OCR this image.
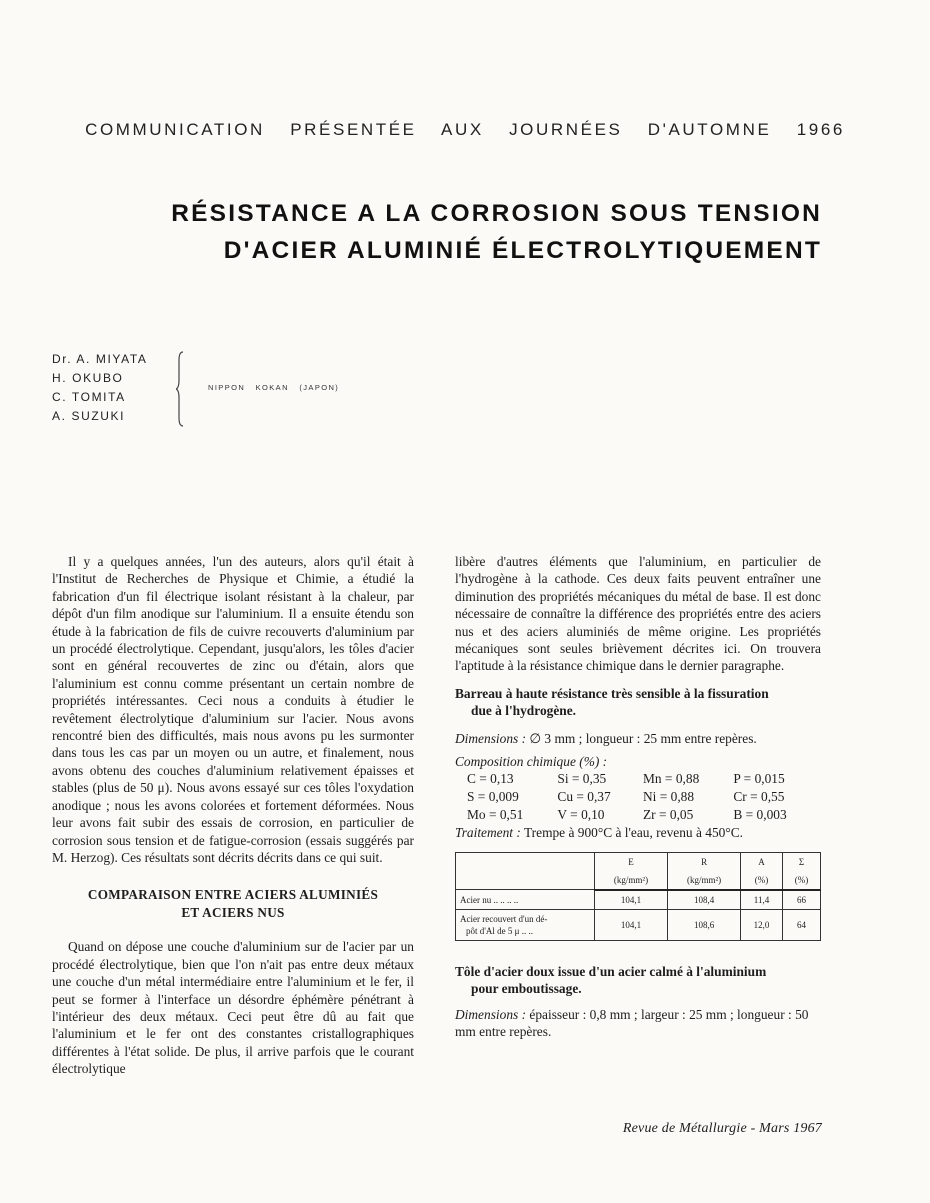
COMMUNICATION PRÉSENTÉE AUX JOURNÉES D'AUTOMNE 1966
RÉSISTANCE A LA CORROSION SOUS TENSION
D'ACIER ALUMINIÉ ÉLECTROLYTIQUEMENT
Dr. A. MIYATA
H. OKUBO
C. TOMITA
A. SUZUKI
NIPPON KOKAN (JAPON)

Il y a quelques années, l'un des auteurs, alors qu'il était à l'Institut de Recherches de Physique et Chimie, a étudié la fabrication d'un fil électrique isolant résistant à la chaleur, par dépôt d'un film anodique sur l'aluminium. Il a ensuite étendu son étude à la fabrication de fils de cuivre recouverts d'aluminium par un procédé électrolytique. Cependant, jusqu'alors, les tôles d'acier sont en général recouvertes de zinc ou d'étain, alors que l'aluminium est connu comme présentant un certain nombre de propriétés intéressantes. Ceci nous a conduits à étudier le revêtement électrolytique d'aluminium sur l'acier. Nous avons rencontré bien des difficultés, mais nous avons pu les surmonter dans tous les cas par un moyen ou un autre, et finalement, nous avons obtenu des couches d'aluminium relativement épaisses et stables (plus de 50 μ). Nous avons essayé sur ces tôles l'oxydation anodique ; nous les avons colorées et fortement déformées. Nous leur avons fait subir des essais de corrosion, en particulier de corrosion sous tension et de fatigue-corrosion (essais suggérés par M. Herzog). Ces résultats sont décrits décrits dans ce qui suit.

COMPARAISON ENTRE ACIERS ALUMINIÉS
ET ACIERS NUS

Quand on dépose une couche d'aluminium sur de l'acier par un procédé électrolytique, bien que l'on n'ait pas entre deux métaux une couche d'un métal intermédiaire entre l'aluminium et le fer, il peut se former à l'interface un désordre éphémère pénétrant à l'intérieur des deux métaux. Ceci peut être dû au fait que l'aluminium et le fer ont des constantes cristallographiques différentes à l'état solide. De plus, il arrive parfois que le courant électrolytique

libère d'autres éléments que l'aluminium, en particulier de l'hydrogène à la cathode. Ces deux faits peuvent entraîner une diminution des propriétés mécaniques du métal de base. Il est donc nécessaire de connaître la différence des propriétés entre des aciers nus et des aciers aluminiés de même origine. Les propriétés mécaniques sont seules brièvement décrites ici. On trouvera l'aptitude à la résistance chimique dans le dernier paragraphe.

Barreau à haute résistance très sensible à la fissuration
due à l'hydrogène.

Dimensions : ∅ 3 mm ; longueur : 25 mm entre repères.

Composition chimique (%) :

C = 0,13	Si = 0,35	Mn = 0,88	P = 0,015
S = 0,009	Cu = 0,37	Ni = 0,88	Cr = 0,55
Mo = 0,51	V = 0,10	Zr = 0,05	B = 0,003

Traitement : Trempe à 900°C à l'eau, revenu à 450°C.

	E	R	A	Σ
	(kg/mm²)	(kg/mm²)	(%)	(%)
Acier nu .. .. .. ..	104,1	108,4	11,4	66

Acier recouvert d'un dé-
pôt d'Al de 5 μ .. ..	104,1	108,6	12,0	64
Tôle d'acier doux issue d'un acier calmé à l'aluminium
pour emboutissage.

Dimensions : épaisseur : 0,8 mm ; largeur : 25 mm ; longueur : 50 mm entre repères.

Revue de Métallurgie - Mars 1967
